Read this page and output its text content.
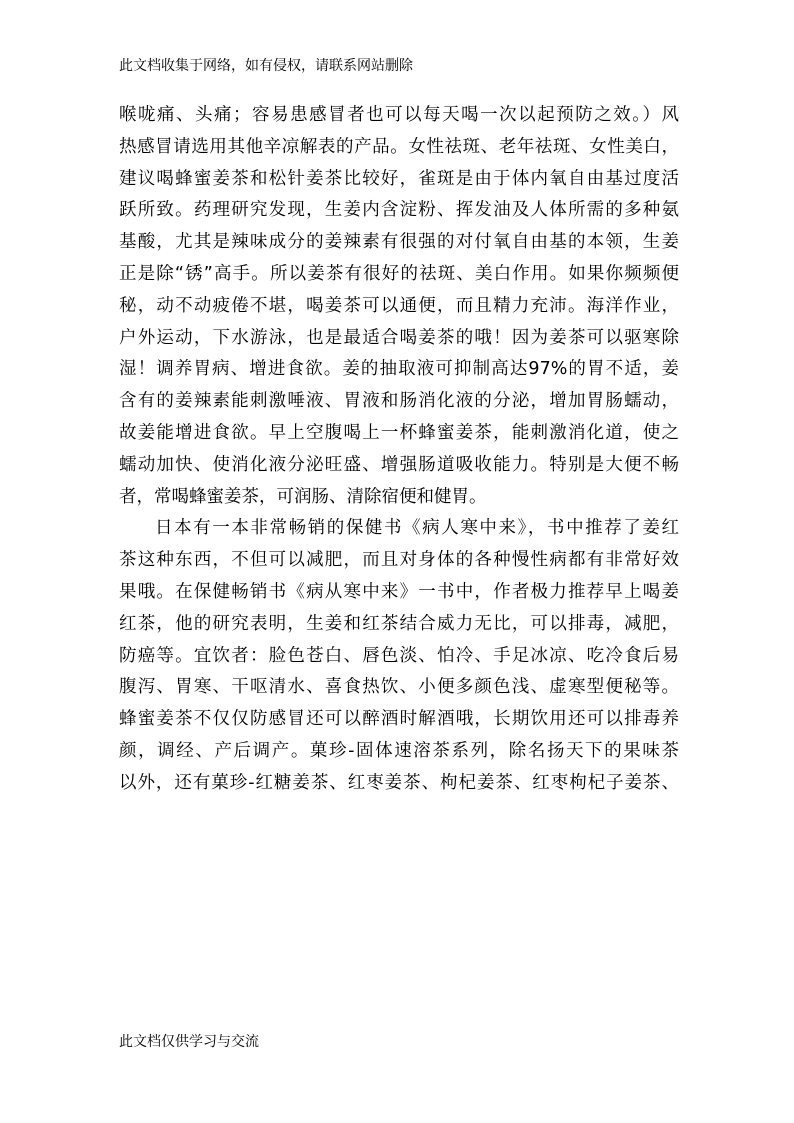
此文档收集于网络，如有侵权，请联系网站删除
喉咙痛、头痛；容易患感冒者也可以每天喝一次以起预防之效。）风
热感冒请选用其他辛凉解表的产品。女性祛斑、老年祛斑、女性美白，
建议喝蜂蜜姜茶和松针姜茶比较好，雀斑是由于体内氧自由基过度活
跃所致。药理研究发现，生姜内含淀粉、挥发油及人体所需的多种氨
基酸，尤其是辣味成分的姜辣素有很强的对付氧自由基的本领，生姜
正是除“锈”高手。所以姜茶有很好的祛斑、美白作用。如果你频频便
秘，动不动疲倦不堪，喝姜茶可以通便，而且精力充沛。海洋作业，
户外运动，下水游泳，也是最适合喝姜茶的哦！因为姜茶可以驱寒除
湿！调养胃病、增进食欲。姜的抽取液可抑制高达97%的胃不适，姜
含有的姜辣素能刺激唾液、胃液和肠消化液的分泌，增加胃肠蠕动，
故姜能增进食欲。早上空腹喝上一杯蜂蜜姜茶，能刺激消化道，使之
蠕动加快、使消化液分泌旺盛、增强肠道吸收能力。特别是大便不畅
者，常喝蜂蜜姜茶，可润肠、清除宿便和健胃。
日本有一本非常畅销的保健书《病人寒中来》，书中推荐了姜红
茶这种东西，不但可以减肥，而且对身体的各种慢性病都有非常好效
果哦。在保健畅销书《病从寒中来》一书中，作者极力推荐早上喝姜
红茶，他的研究表明，生姜和红茶结合威力无比，可以排毒，减肥，
防癌等。宜饮者：脸色苍白、唇色淡、怕冷、手足冰凉、吃冷食后易
腹泻、胃寒、干呕清水、喜食热饮、小便多颜色浅、虚寒型便秘等。
蜂蜜姜茶不仅仅防感冒还可以醉酒时解酒哦，长期饮用还可以排毒养
颜，调经、产后调产。菓珍-固体速溶茶系列，除名扬天下的果味茶
以外，还有菓珍-红糖姜茶、红枣姜茶、枸杞姜茶、红枣枸杞子姜茶、
此文档仅供学习与交流
